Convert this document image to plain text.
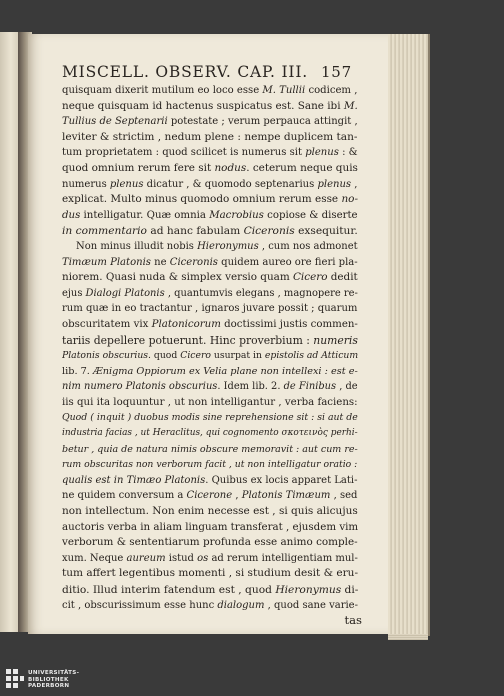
MISCELL. OBSERV. CAP. III. 157
quisquam dixerit mutilum eo loco esse M. Tullii codicem ,
neque quisquam id hactenus suspicatus est. Sane ibi M.
Tullius de Septenarii potestate ; verum perpauca attingit ,
leviter & strictim , nedum plene : nempe duplicem tan-
tum proprietatem : quod scilicet is numerus sit plenus : &
quod omnium rerum fere sit nodus. ceterum neque quis
numerus plenus dicatur , & quomodo septenarius plenus ,
explicat. Multo minus quomodo omnium rerum esse no-
dus intelligatur. Quæ omnia Macrobius copiose & diserte
in commentario ad hanc fabulam Ciceronis exsequitur.
Non minus illudit nobis Hieronymus , cum nos admonet
Timæum Platonis ne Ciceronis quidem aureo ore fieri pla-
niorem. Quasi nuda & simplex versio quam Cicero dedit
ejus Dialogi Platonis , quantumvis elegans , magnopere re-
rum quæ in eo tractantur , ignaros juvare possit ; quarum
obscuritatem vix Platonicorum doctissimi justis commen-
tariis depellere potuerunt. Hinc proverbium : numeris
Platonis obscurius. quod Cicero usurpat in epistolis ad Atticum
lib. 7. Ænigma Oppiorum ex Velia plane non intellexi : est e-
nim numero Platonis obscurius. Idem lib. 2. de Finibus , de
iis qui ita loquuntur , ut non intelligantur , verba faciens:
Quod ( inquit ) duobus modis sine reprehensione sit : si aut de
industria facias , ut Heraclitus, qui cognomento σκοτεινὸς perhi-
betur , quia de natura nimis obscure memoravit : aut cum re-
rum obscuritas non verborum facit , ut non intelligatur oratio :
qualis est in Timæo Platonis. Quibus ex locis apparet Lati-
ne quidem conversum a Cicerone , Platonis Timæum , sed
non intellectum. Non enim necesse est , si quis alicujus
auctoris verba in aliam linguam transferat , ejusdem vim
verborum & sententiarum profunda esse animo comple-
xum. Neque aureum istud os ad rerum intelligentiam mul-
tum affert legentibus momenti , si studium desit & eru-
ditio. Illud interim fatendum est , quod Hieronymus di-
cit , obscurissimum esse hunc dialogum , quod sane varie-
tas
UNIVERSITÄTS-
BIBLIOTHEK
PADERBORN
